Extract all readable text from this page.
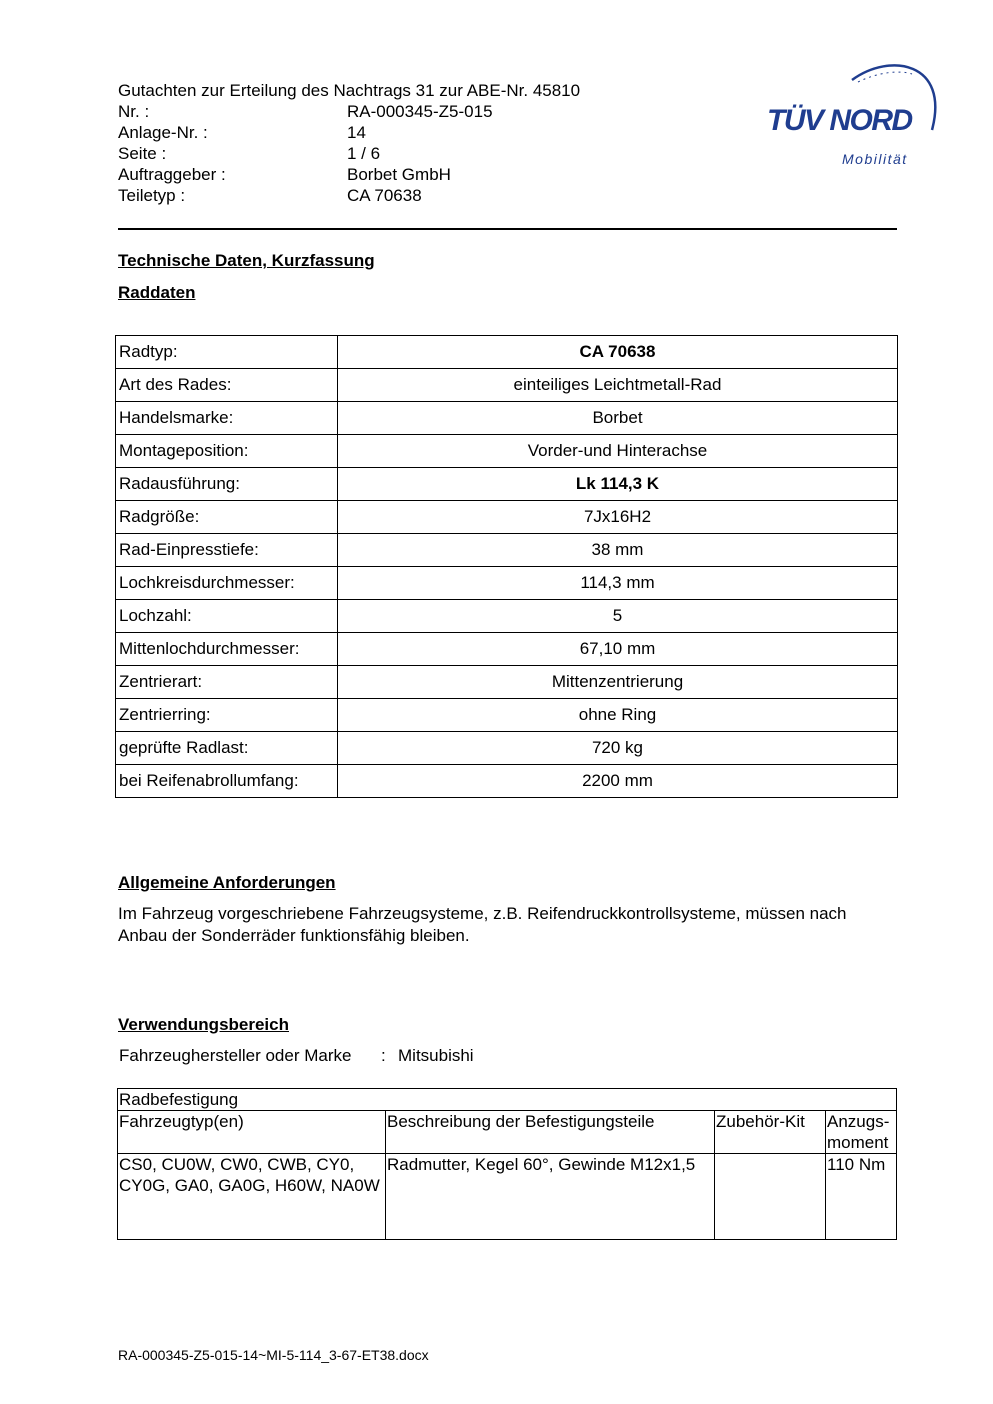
Gutachten zur Erteilung des Nachtrags 31 zur ABE-Nr. 45810
Nr. :	RA-000345-Z5-015
Anlage-Nr. :	14
Seite :	1 / 6
Auftraggeber :	Borbet GmbH
Teiletyp :	CA 70638
TÜV NORD
Mobilität
Technische Daten, Kurzfassung
Raddaten
Radtyp:	CA 70638
Art des Rades:	einteiliges Leichtmetall-Rad
Handelsmarke:	Borbet
Montageposition:	Vorder-und Hinterachse
Radausführung:	Lk 114,3 K
Radgröße:	7Jx16H2
Rad-Einpresstiefe:	38 mm
Lochkreisdurchmesser:	114,3 mm
Lochzahl:	5
Mittenlochdurchmesser:	67,10 mm
Zentrierart:	Mittenzentrierung
Zentrierring:	ohne Ring
geprüfte Radlast:	720 kg
bei Reifenabrollumfang:	2200 mm
Allgemeine Anforderungen
Im Fahrzeug vorgeschriebene Fahrzeugsysteme, z.B. Reifendruckkontrollsysteme, müssen nach Anbau der Sonderräder funktionsfähig bleiben.
Verwendungsbereich
Fahrzeughersteller oder Marke	: Mitsubishi
Radbefestigung			
Fahrzeugtyp(en)	Beschreibung der Befestigungsteile	Zubehör-Kit	Anzugs-
moment
CS0, CU0W, CW0, CWB, CY0, CY0G, GA0, GA0G, H60W, NA0W	Radmutter, Kegel 60°, Gewinde M12x1,5		110 Nm
RA-000345-Z5-015-14~MI-5-114_3-67-ET38.docx
